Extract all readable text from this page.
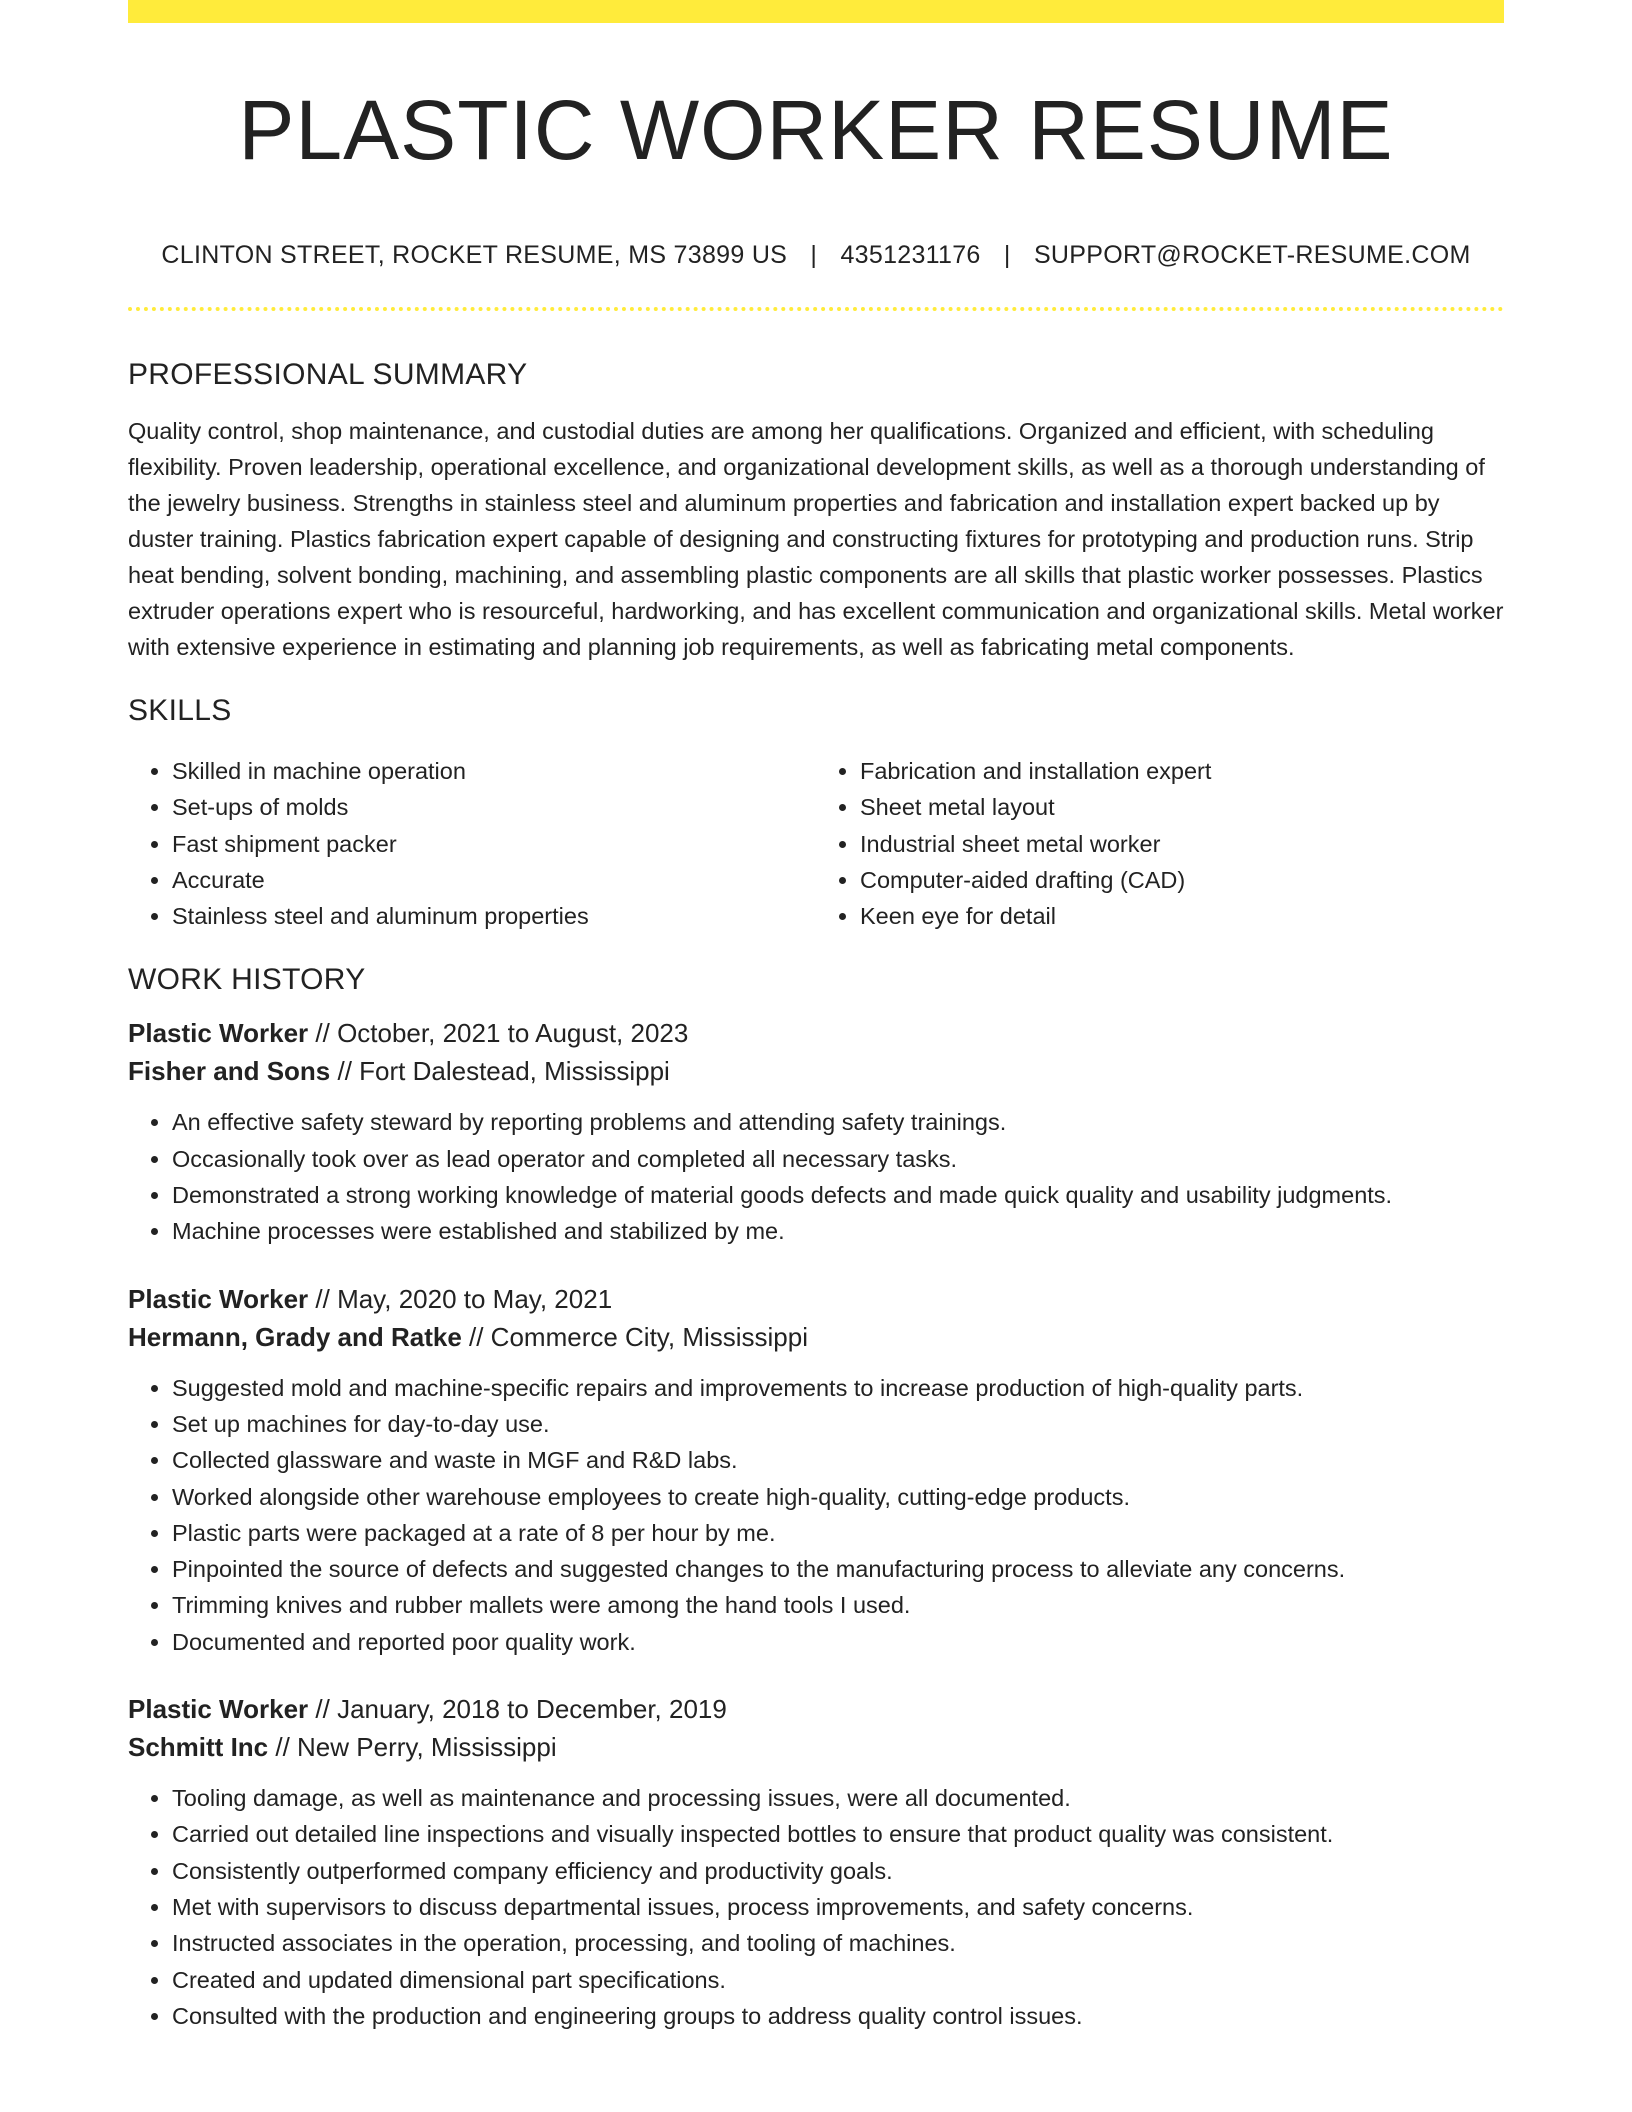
PLASTIC WORKER RESUME
CLINTON STREET, ROCKET RESUME, MS 73899 US | 4351231176 | SUPPORT@ROCKET-RESUME.COM
PROFESSIONAL SUMMARY

Quality control, shop maintenance, and custodial duties are among her qualifications. Organized and efficient, with scheduling flexibility. Proven leadership, operational excellence, and organizational development skills, as well as a thorough understanding of the jewelry business. Strengths in stainless steel and aluminum properties and fabrication and installation expert backed up by duster training. Plastics fabrication expert capable of designing and constructing fixtures for prototyping and production runs. Strip heat bending, solvent bonding, machining, and assembling plastic components are all skills that plastic worker possesses. Plastics extruder operations expert who is resourceful, hardworking, and has excellent communication and organizational skills. Metal worker with extensive experience in estimating and planning job requirements, as well as fabricating metal components.

SKILLS
• Skilled in machine operation
• Set-ups of molds
• Fast shipment packer
• Accurate
• Stainless steel and aluminum properties
• Fabrication and installation expert
• Sheet metal layout
• Industrial sheet metal worker
• Computer-aided drafting (CAD)
• Keen eye for detail
WORK HISTORY
Plastic Worker // October, 2021 to August, 2023
Fisher and Sons // Fort Dalestead, Mississippi
• An effective safety steward by reporting problems and attending safety trainings.
• Occasionally took over as lead operator and completed all necessary tasks.
• Demonstrated a strong working knowledge of material goods defects and made quick quality and usability judgments.
• Machine processes were established and stabilized by me.
Plastic Worker // May, 2020 to May, 2021
Hermann, Grady and Ratke // Commerce City, Mississippi
• Suggested mold and machine-specific repairs and improvements to increase production of high-quality parts.
• Set up machines for day-to-day use.
• Collected glassware and waste in MGF and R&D labs.
• Worked alongside other warehouse employees to create high-quality, cutting-edge products.
• Plastic parts were packaged at a rate of 8 per hour by me.
• Pinpointed the source of defects and suggested changes to the manufacturing process to alleviate any concerns.
• Trimming knives and rubber mallets were among the hand tools I used.
• Documented and reported poor quality work.
Plastic Worker // January, 2018 to December, 2019
Schmitt Inc // New Perry, Mississippi
• Tooling damage, as well as maintenance and processing issues, were all documented.
• Carried out detailed line inspections and visually inspected bottles to ensure that product quality was consistent.
• Consistently outperformed company efficiency and productivity goals.
• Met with supervisors to discuss departmental issues, process improvements, and safety concerns.
• Instructed associates in the operation, processing, and tooling of machines.
• Created and updated dimensional part specifications.
• Consulted with the production and engineering groups to address quality control issues.
